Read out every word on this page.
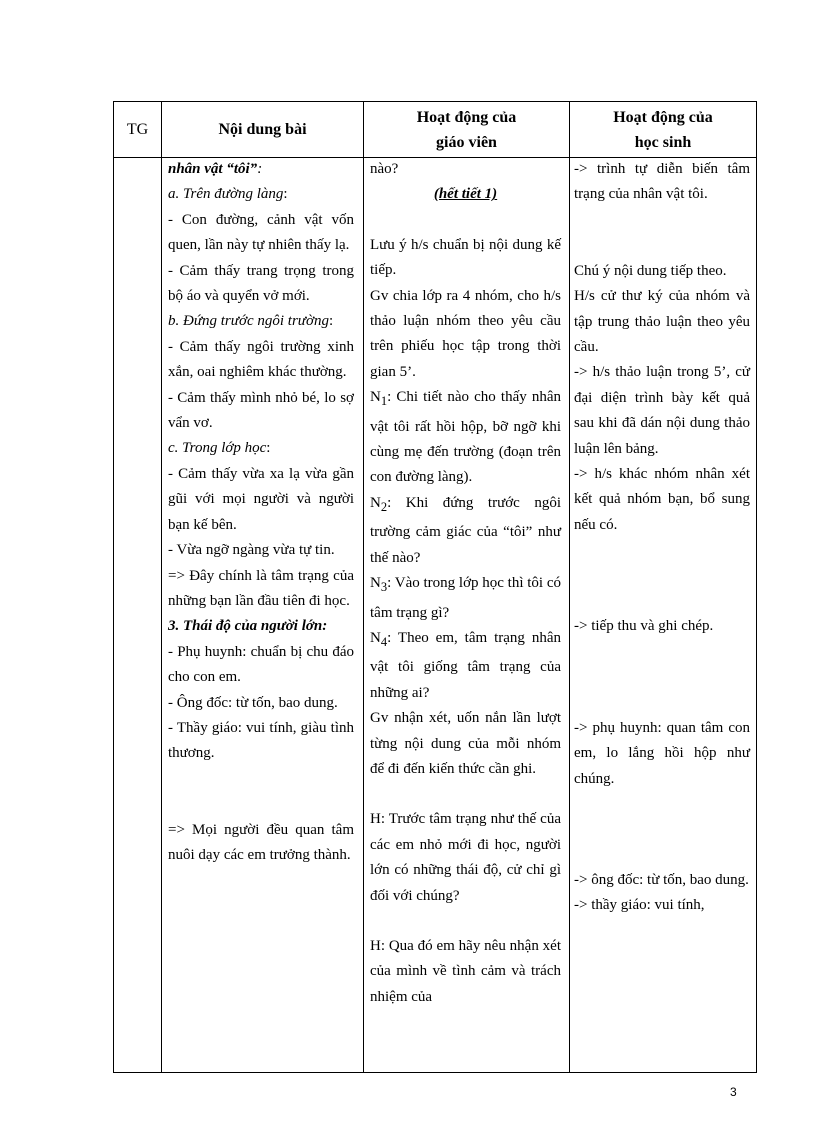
TG	Nội dung bài
Hoạt động của
giáo viên
Hoạt động của
học sinh
nhân vật “tôi”:
a. Trên đường làng:
- Con đường, cảnh vật vốn quen, lần này tự nhiên thấy lạ.
- Cảm thấy trang trọng trong bộ áo và quyển vở mới.
b. Đứng trước ngôi trường:
- Cảm thấy ngôi trường xinh xắn, oai nghiêm khác thường.
- Cảm thấy mình nhỏ bé, lo sợ vẩn vơ.
c. Trong lớp học:
- Cảm thấy vừa xa lạ vừa gần gũi với mọi người và người bạn kế bên.
- Vừa ngỡ ngàng vừa tự tin.
=> Đây chính là tâm trạng của những bạn lần đầu tiên đi học.
3. Thái độ của người lớn:
- Phụ huynh: chuẩn bị chu đáo cho con em.
- Ông đốc: từ tốn, bao dung.
- Thầy giáo: vui tính, giàu tình thương.
=> Mọi người đều quan tâm nuôi dạy các em trưởng thành.
nào?
(hết tiết 1)
Lưu ý h/s chuẩn bị nội dung kế tiếp.
Gv chia lớp ra 4 nhóm, cho h/s thảo luận nhóm theo yêu cầu trên phiếu học tập trong thời gian 5’.
$N_1$: Chi tiết nào cho thấy nhân vật tôi rất hồi hộp, bỡ ngỡ khi cùng mẹ đến trường (đoạn trên con đường làng).
$N_2$: Khi đứng trước ngôi trường cảm giác của “tôi” như thế nào?
$N_3$: Vào trong lớp học thì tôi có tâm trạng gì?
$N_4$: Theo em, tâm trạng nhân vật tôi giống tâm trạng của những ai?
Gv nhận xét, uốn nắn lần lượt từng nội dung của mỗi nhóm để đi đến kiến thức cần ghi.
H: Trước tâm trạng như thế của các em nhỏ mới đi học, người lớn có những thái độ, cử chỉ gì đối với chúng?
H: Qua đó em hãy nêu nhận xét của mình về tình cảm và trách nhiệm của
-> trình tự diễn biến tâm trạng của nhân vật tôi.
Chú ý nội dung tiếp theo.
H/s cử thư ký của nhóm và tập trung thảo luận theo yêu cầu.
-> h/s thảo luận trong 5’, cử đại diện trình bày kết quả sau khi đã dán nội dung thảo luận lên bảng.
-> h/s khác nhóm nhân xét kết quả nhóm bạn, bổ sung nếu có.
-> tiếp thu và ghi chép.
-> phụ huynh: quan tâm con em, lo lắng hồi hộp như chúng.
-> ông đốc: từ tốn, bao dung.
-> thầy giáo: vui tính,
3
